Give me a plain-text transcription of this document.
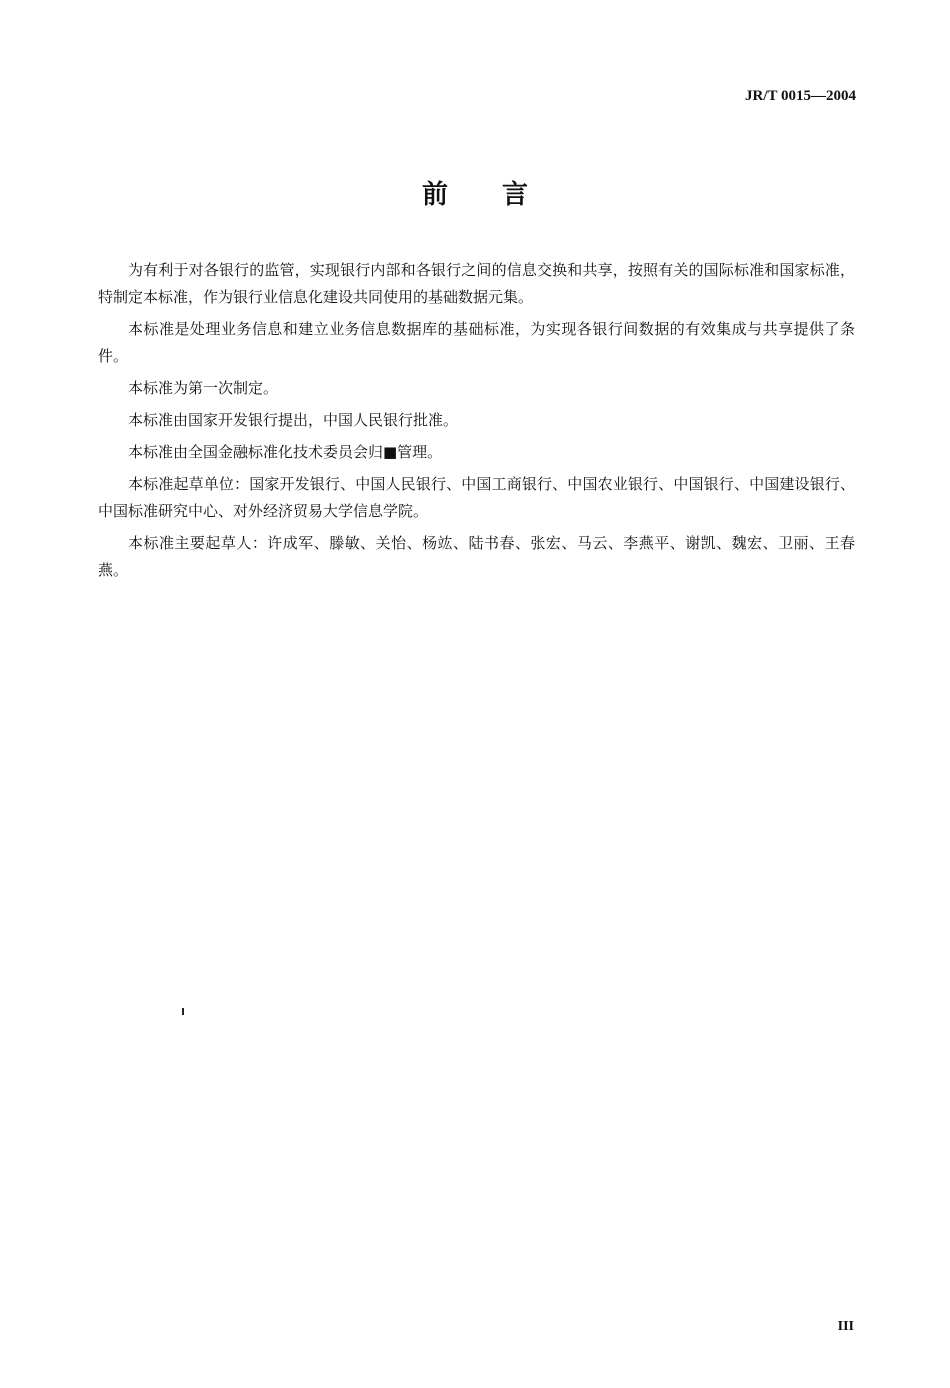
JR/T 0015—2004
前言

为有利于对各银行的监管，实现银行内部和各银行之间的信息交换和共享，按照有关的国际标准和国家标准，特制定本标准，作为银行业信息化建设共同使用的基础数据元集。

本标准是处理业务信息和建立业务信息数据库的基础标准，为实现各银行间数据的有效集成与共享提供了条件。

本标准为第一次制定。

本标准由国家开发银行提出，中国人民银行批准。

本标准由全国金融标准化技术委员会归■管理。

本标准起草单位：国家开发银行、中国人民银行、中国工商银行、中国农业银行、中国银行、中国建设银行、中国标准研究中心、对外经济贸易大学信息学院。

本标准主要起草人：许成军、滕敏、关怡、杨竑、陆书春、张宏、马云、李燕平、谢凯、魏宏、卫丽、王春燕。

III
